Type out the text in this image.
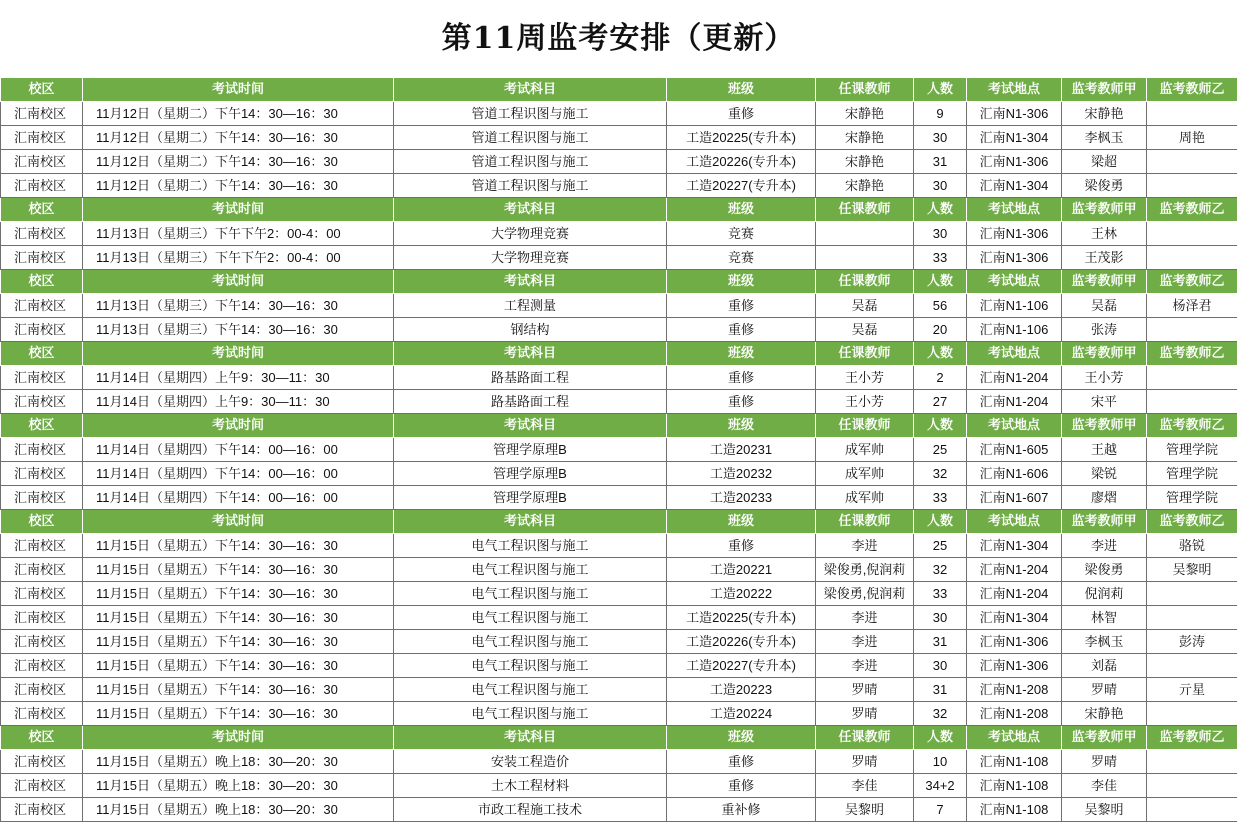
第11周监考安排（更新）
校区	考试时间	考试科目	班级	任课教师	人数	考试地点	监考教师甲	监考教师乙
汇南校区	11月12日（星期二）下午14：30—16：30	管道工程识图与施工	重修	宋静艳	9	汇南N1-306	宋静艳	
汇南校区	11月12日（星期二）下午14：30—16：30	管道工程识图与施工	工造20225(专升本)	宋静艳	30	汇南N1-304	李枫玉	周艳
汇南校区	11月12日（星期二）下午14：30—16：30	管道工程识图与施工	工造20226(专升本)	宋静艳	31	汇南N1-306	梁超	
汇南校区	11月12日（星期二）下午14：30—16：30	管道工程识图与施工	工造20227(专升本)	宋静艳	30	汇南N1-304	梁俊勇	
校区	考试时间	考试科目	班级	任课教师	人数	考试地点	监考教师甲	监考教师乙
汇南校区	11月13日（星期三）下午下午2：00-4：00	大学物理竞赛	竞赛		30	汇南N1-306	王林	
汇南校区	11月13日（星期三）下午下午2：00-4：00	大学物理竞赛	竞赛		33	汇南N1-306	王茂影	
校区	考试时间	考试科目	班级	任课教师	人数	考试地点	监考教师甲	监考教师乙
汇南校区	11月13日（星期三）下午14：30—16：30	工程测量	重修	吴磊	56	汇南N1-106	吴磊	杨泽君
汇南校区	11月13日（星期三）下午14：30—16：30	钢结构	重修	吴磊	20	汇南N1-106	张涛	
校区	考试时间	考试科目	班级	任课教师	人数	考试地点	监考教师甲	监考教师乙
汇南校区	11月14日（星期四）上午9：30—11：30	路基路面工程	重修	王小芳	2	汇南N1-204	王小芳	
汇南校区	11月14日（星期四）上午9：30—11：30	路基路面工程	重修	王小芳	27	汇南N1-204	宋平	
校区	考试时间	考试科目	班级	任课教师	人数	考试地点	监考教师甲	监考教师乙
汇南校区	11月14日（星期四）下午14：00—16：00	管理学原理B	工造20231	成军帅	25	汇南N1-605	王越	管理学院
汇南校区	11月14日（星期四）下午14：00—16：00	管理学原理B	工造20232	成军帅	32	汇南N1-606	梁锐	管理学院
汇南校区	11月14日（星期四）下午14：00—16：00	管理学原理B	工造20233	成军帅	33	汇南N1-607	廖熠	管理学院
校区	考试时间	考试科目	班级	任课教师	人数	考试地点	监考教师甲	监考教师乙
汇南校区	11月15日（星期五）下午14：30—16：30	电气工程识图与施工	重修	李进	25	汇南N1-304	李进	骆锐
汇南校区	11月15日（星期五）下午14：30—16：30	电气工程识图与施工	工造20221	梁俊勇,倪润莉	32	汇南N1-204	梁俊勇	吴黎明
汇南校区	11月15日（星期五）下午14：30—16：30	电气工程识图与施工	工造20222	梁俊勇,倪润莉	33	汇南N1-204	倪润莉	
汇南校区	11月15日（星期五）下午14：30—16：30	电气工程识图与施工	工造20225(专升本)	李进	30	汇南N1-304	林智	
汇南校区	11月15日（星期五）下午14：30—16：30	电气工程识图与施工	工造20226(专升本)	李进	31	汇南N1-306	李枫玉	彭涛
汇南校区	11月15日（星期五）下午14：30—16：30	电气工程识图与施工	工造20227(专升本)	李进	30	汇南N1-306	刘磊	
汇南校区	11月15日（星期五）下午14：30—16：30	电气工程识图与施工	工造20223	罗晴	31	汇南N1-208	罗晴	亓星
汇南校区	11月15日（星期五）下午14：30—16：30	电气工程识图与施工	工造20224	罗晴	32	汇南N1-208	宋静艳	
校区	考试时间	考试科目	班级	任课教师	人数	考试地点	监考教师甲	监考教师乙
汇南校区	11月15日（星期五）晚上18：30—20：30	安装工程造价	重修	罗晴	10	汇南N1-108	罗晴	
汇南校区	11月15日（星期五）晚上18：30—20：30	土木工程材料	重修	李佳	34+2	汇南N1-108	李佳	
汇南校区	11月15日（星期五）晚上18：30—20：30	市政工程施工技术	重补修	吴黎明	7	汇南N1-108	吴黎明	
